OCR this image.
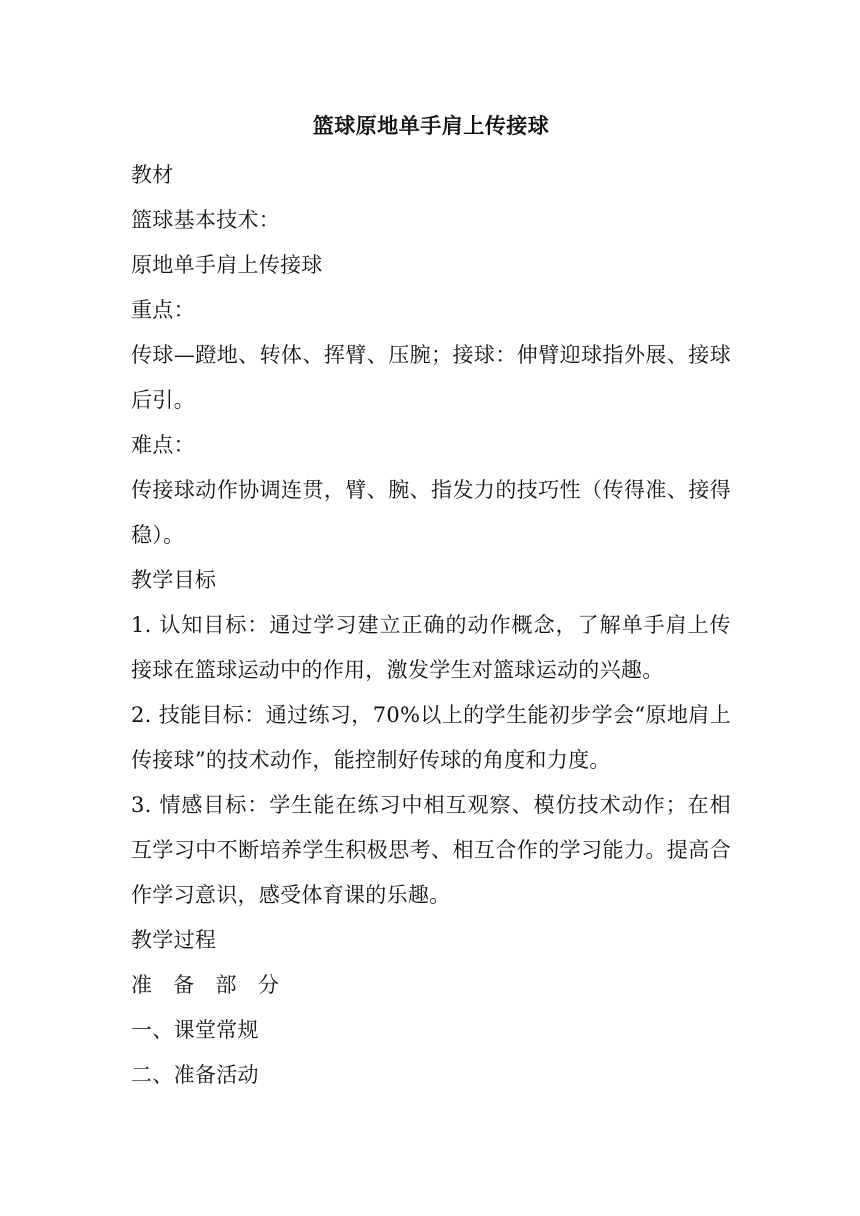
篮球原地单手肩上传接球

教材

篮球基本技术：

原地单手肩上传接球

重点：

传球—蹬地、转体、挥臂、压腕；接球：伸臂迎球指外展、接球后引。

难点：

传接球动作协调连贯，臂、腕、指发力的技巧性（传得准、接得稳）。

教学目标

1. 认知目标：通过学习建立正确的动作概念，了解单手肩上传接球在篮球运动中的作用，激发学生对篮球运动的兴趣。

2. 技能目标：通过练习，70%以上的学生能初步学会“原地肩上传接球”的技术动作，能控制好传球的角度和力度。

3. 情感目标：学生能在练习中相互观察、模仿技术动作；在相互学习中不断培养学生积极思考、相互合作的学习能力。提高合作学习意识，感受体育课的乐趣。

教学过程

准 备 部 分

一、课堂常规

二、准备活动
